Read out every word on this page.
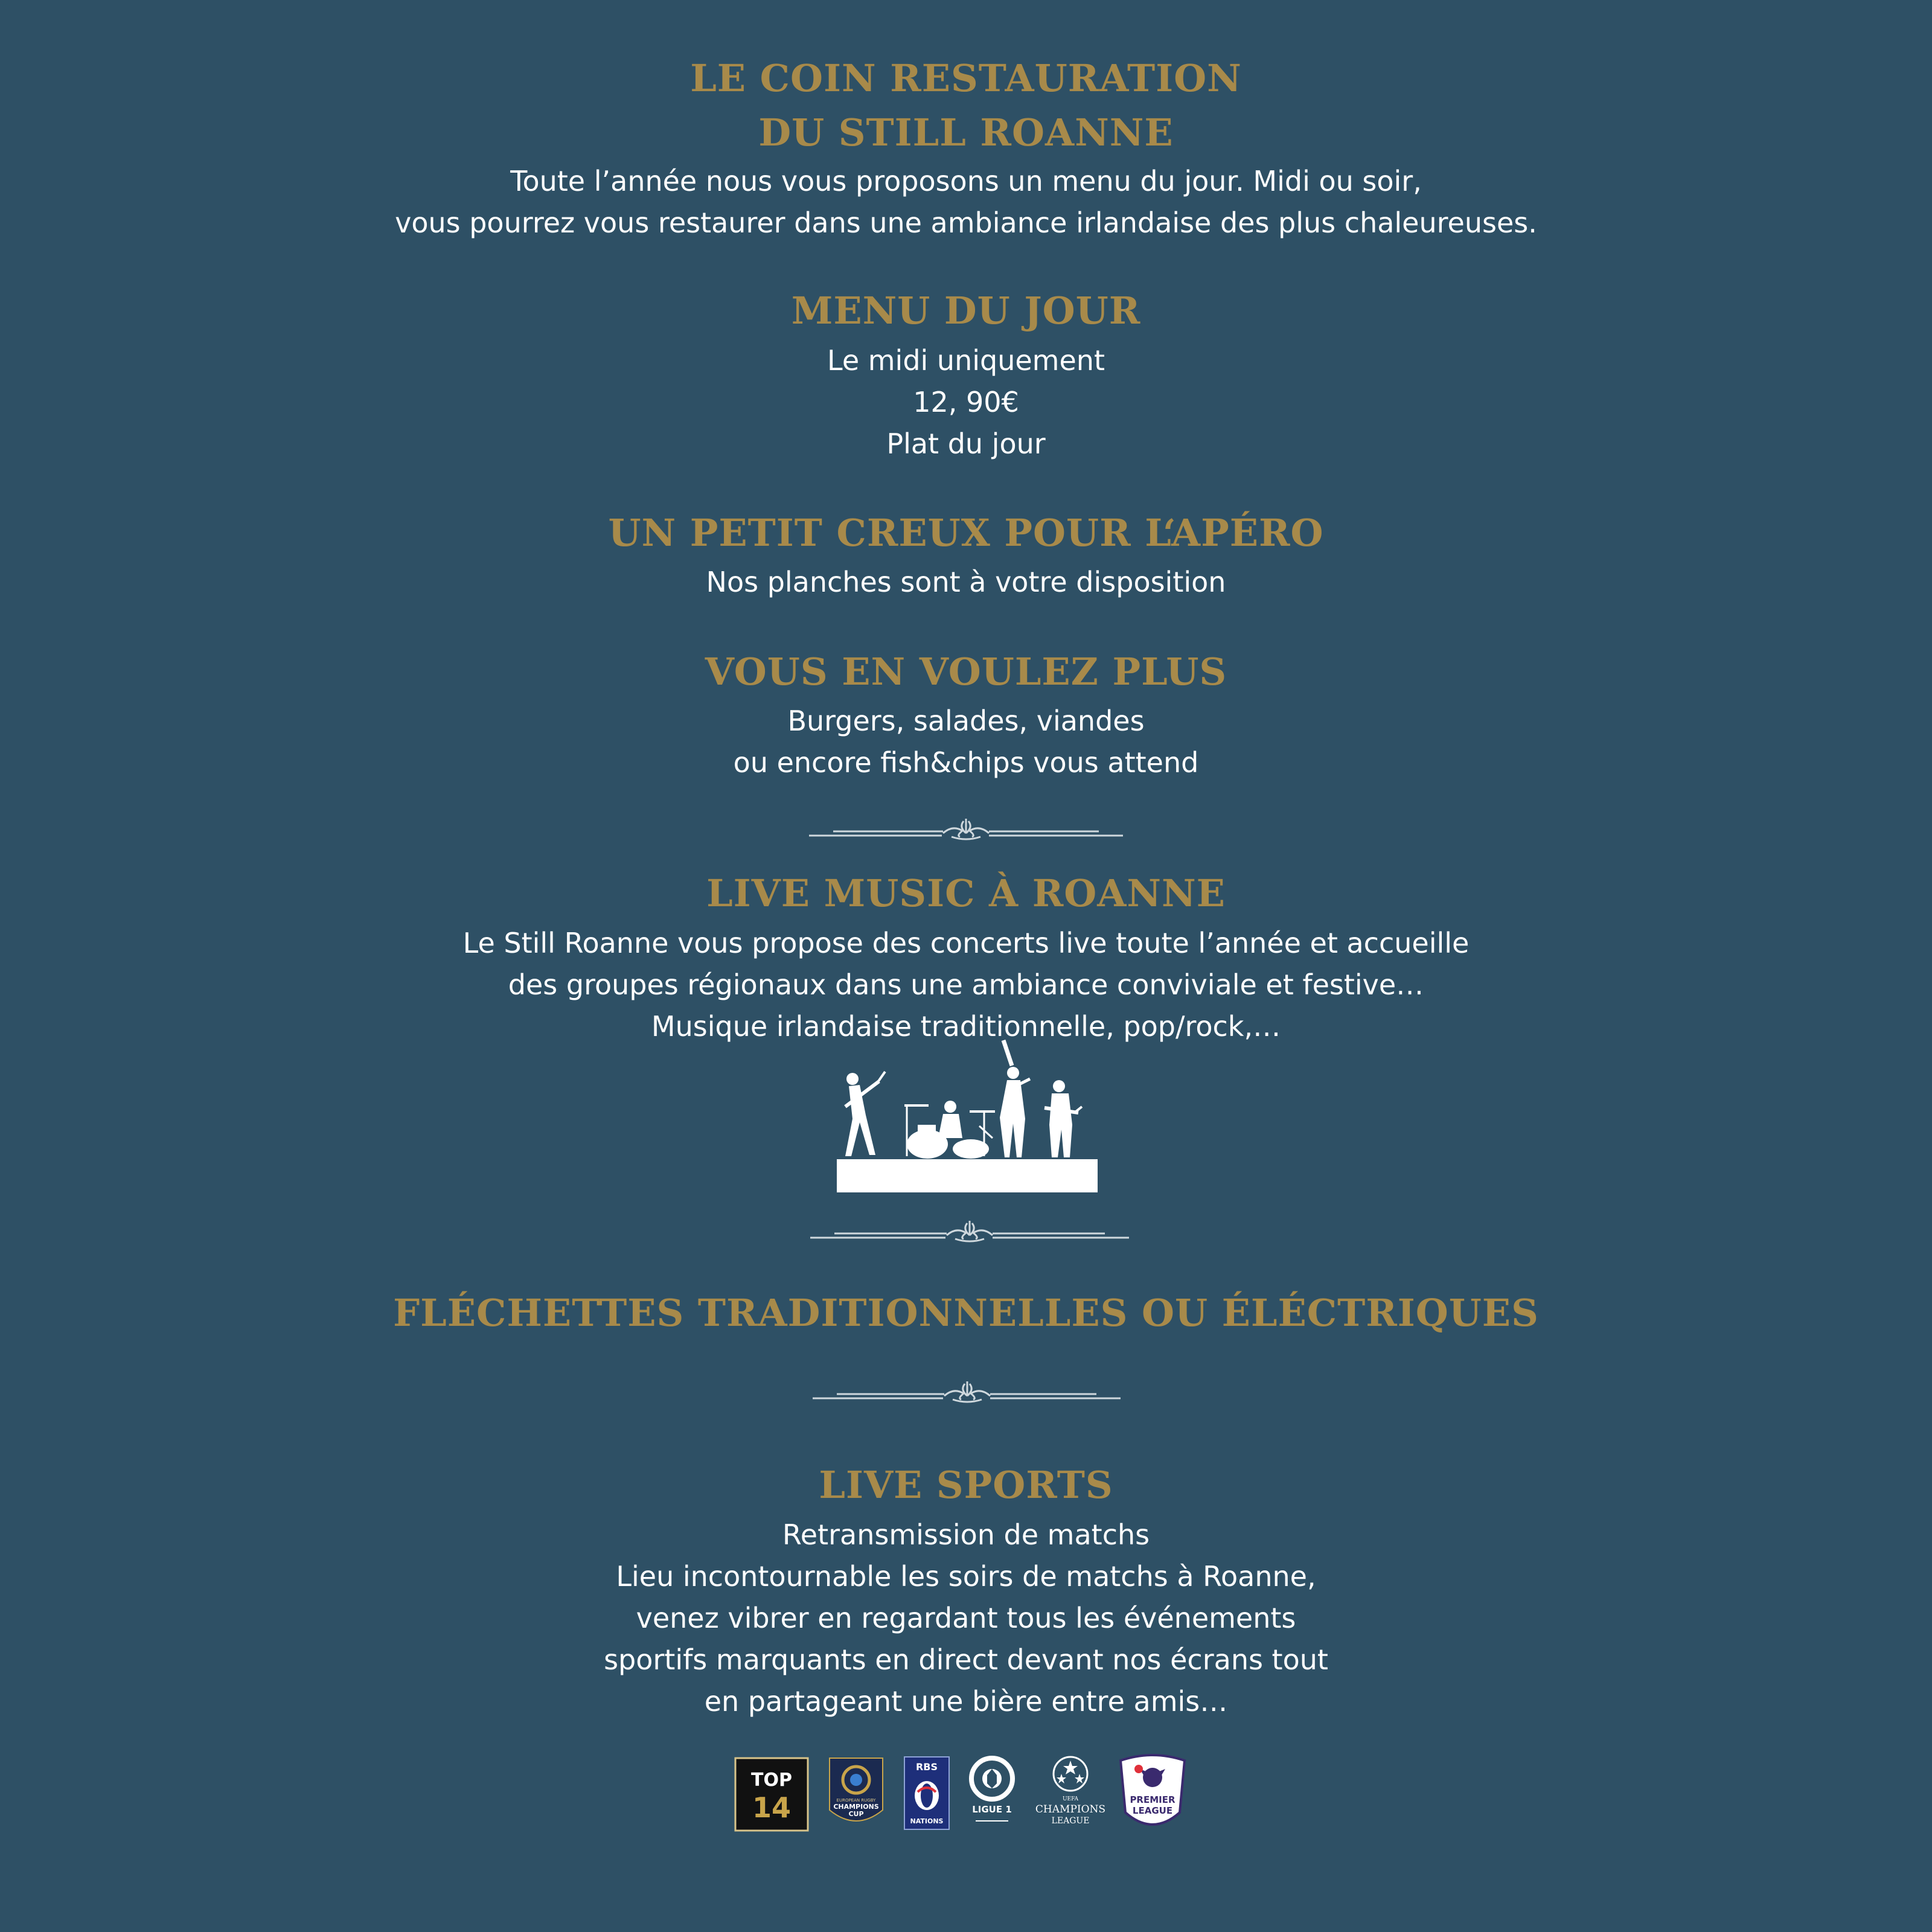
LE COIN RESTAURATION
DU STILL ROANNE
Toute l’année nous vous proposons un menu du jour. Midi ou soir,
vous pourrez vous restaurer dans une ambiance irlandaise des plus chaleureuses.
MENU DU JOUR
Le midi uniquement
12, 90€
Plat du jour
UN PETIT CREUX POUR L‘APÉRO
Nos planches sont à votre disposition
VOUS EN VOULEZ PLUS
Burgers, salades, viandes
ou encore fish&chips vous attend
LIVE MUSIC À ROANNE
Le Still Roanne vous propose des concerts live toute l’année et accueille
des groupes régionaux dans une ambiance conviviale et festive…
Musique irlandaise traditionnelle, pop/rock,…
FLÉCHETTES TRADITIONNELLES OU ÉLÉCTRIQUES
LIVE SPORTS
Retransmission de matchs
Lieu incontournable les soirs de matchs à Roanne,
venez vibrer en regardant tous les événements
sportifs marquants en direct devant nos écrans tout
en partageant une bière entre amis…
TOP
14	EUROPEAN RUGBY
CHAMPIONS
CUP
RBS
NATIONS
LIGUE 1
UEFA
CHAMPIONS
LEAGUE
PREMIER
LEAGUE
